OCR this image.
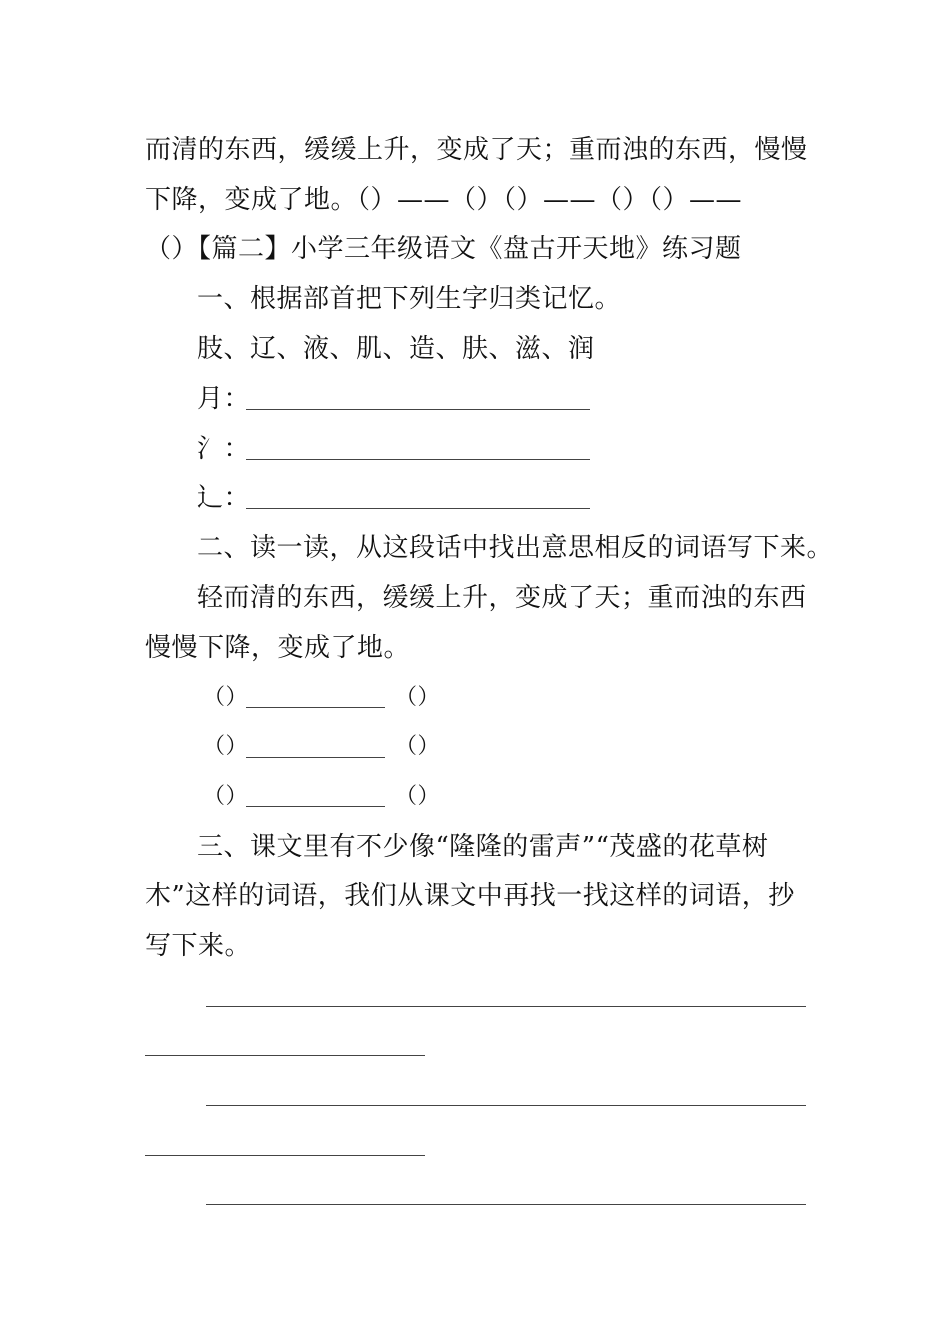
而清的东西，缓缓上升，变成了天；重而浊的东西，慢慢
下降，变成了地。（）——（）（）——（）（）——
（）【篇二】小学三年级语文《盘古开天地》练习题
一、根据部首把下列生字归类记忆。
肢、辽、液、肌、造、肤、滋、润
月：
氵：
辶：
二、读一读，从这段话中找出意思相反的词语写下来。
轻而清的东西，缓缓上升，变成了天；重而浊的东西
慢慢下降，变成了地。
（）	（）
（）	（）
（）	（）
三、课文里有不少像“隆隆的雷声”“茂盛的花草树
木”这样的词语，我们从课文中再找一找这样的词语，抄
写下来。
